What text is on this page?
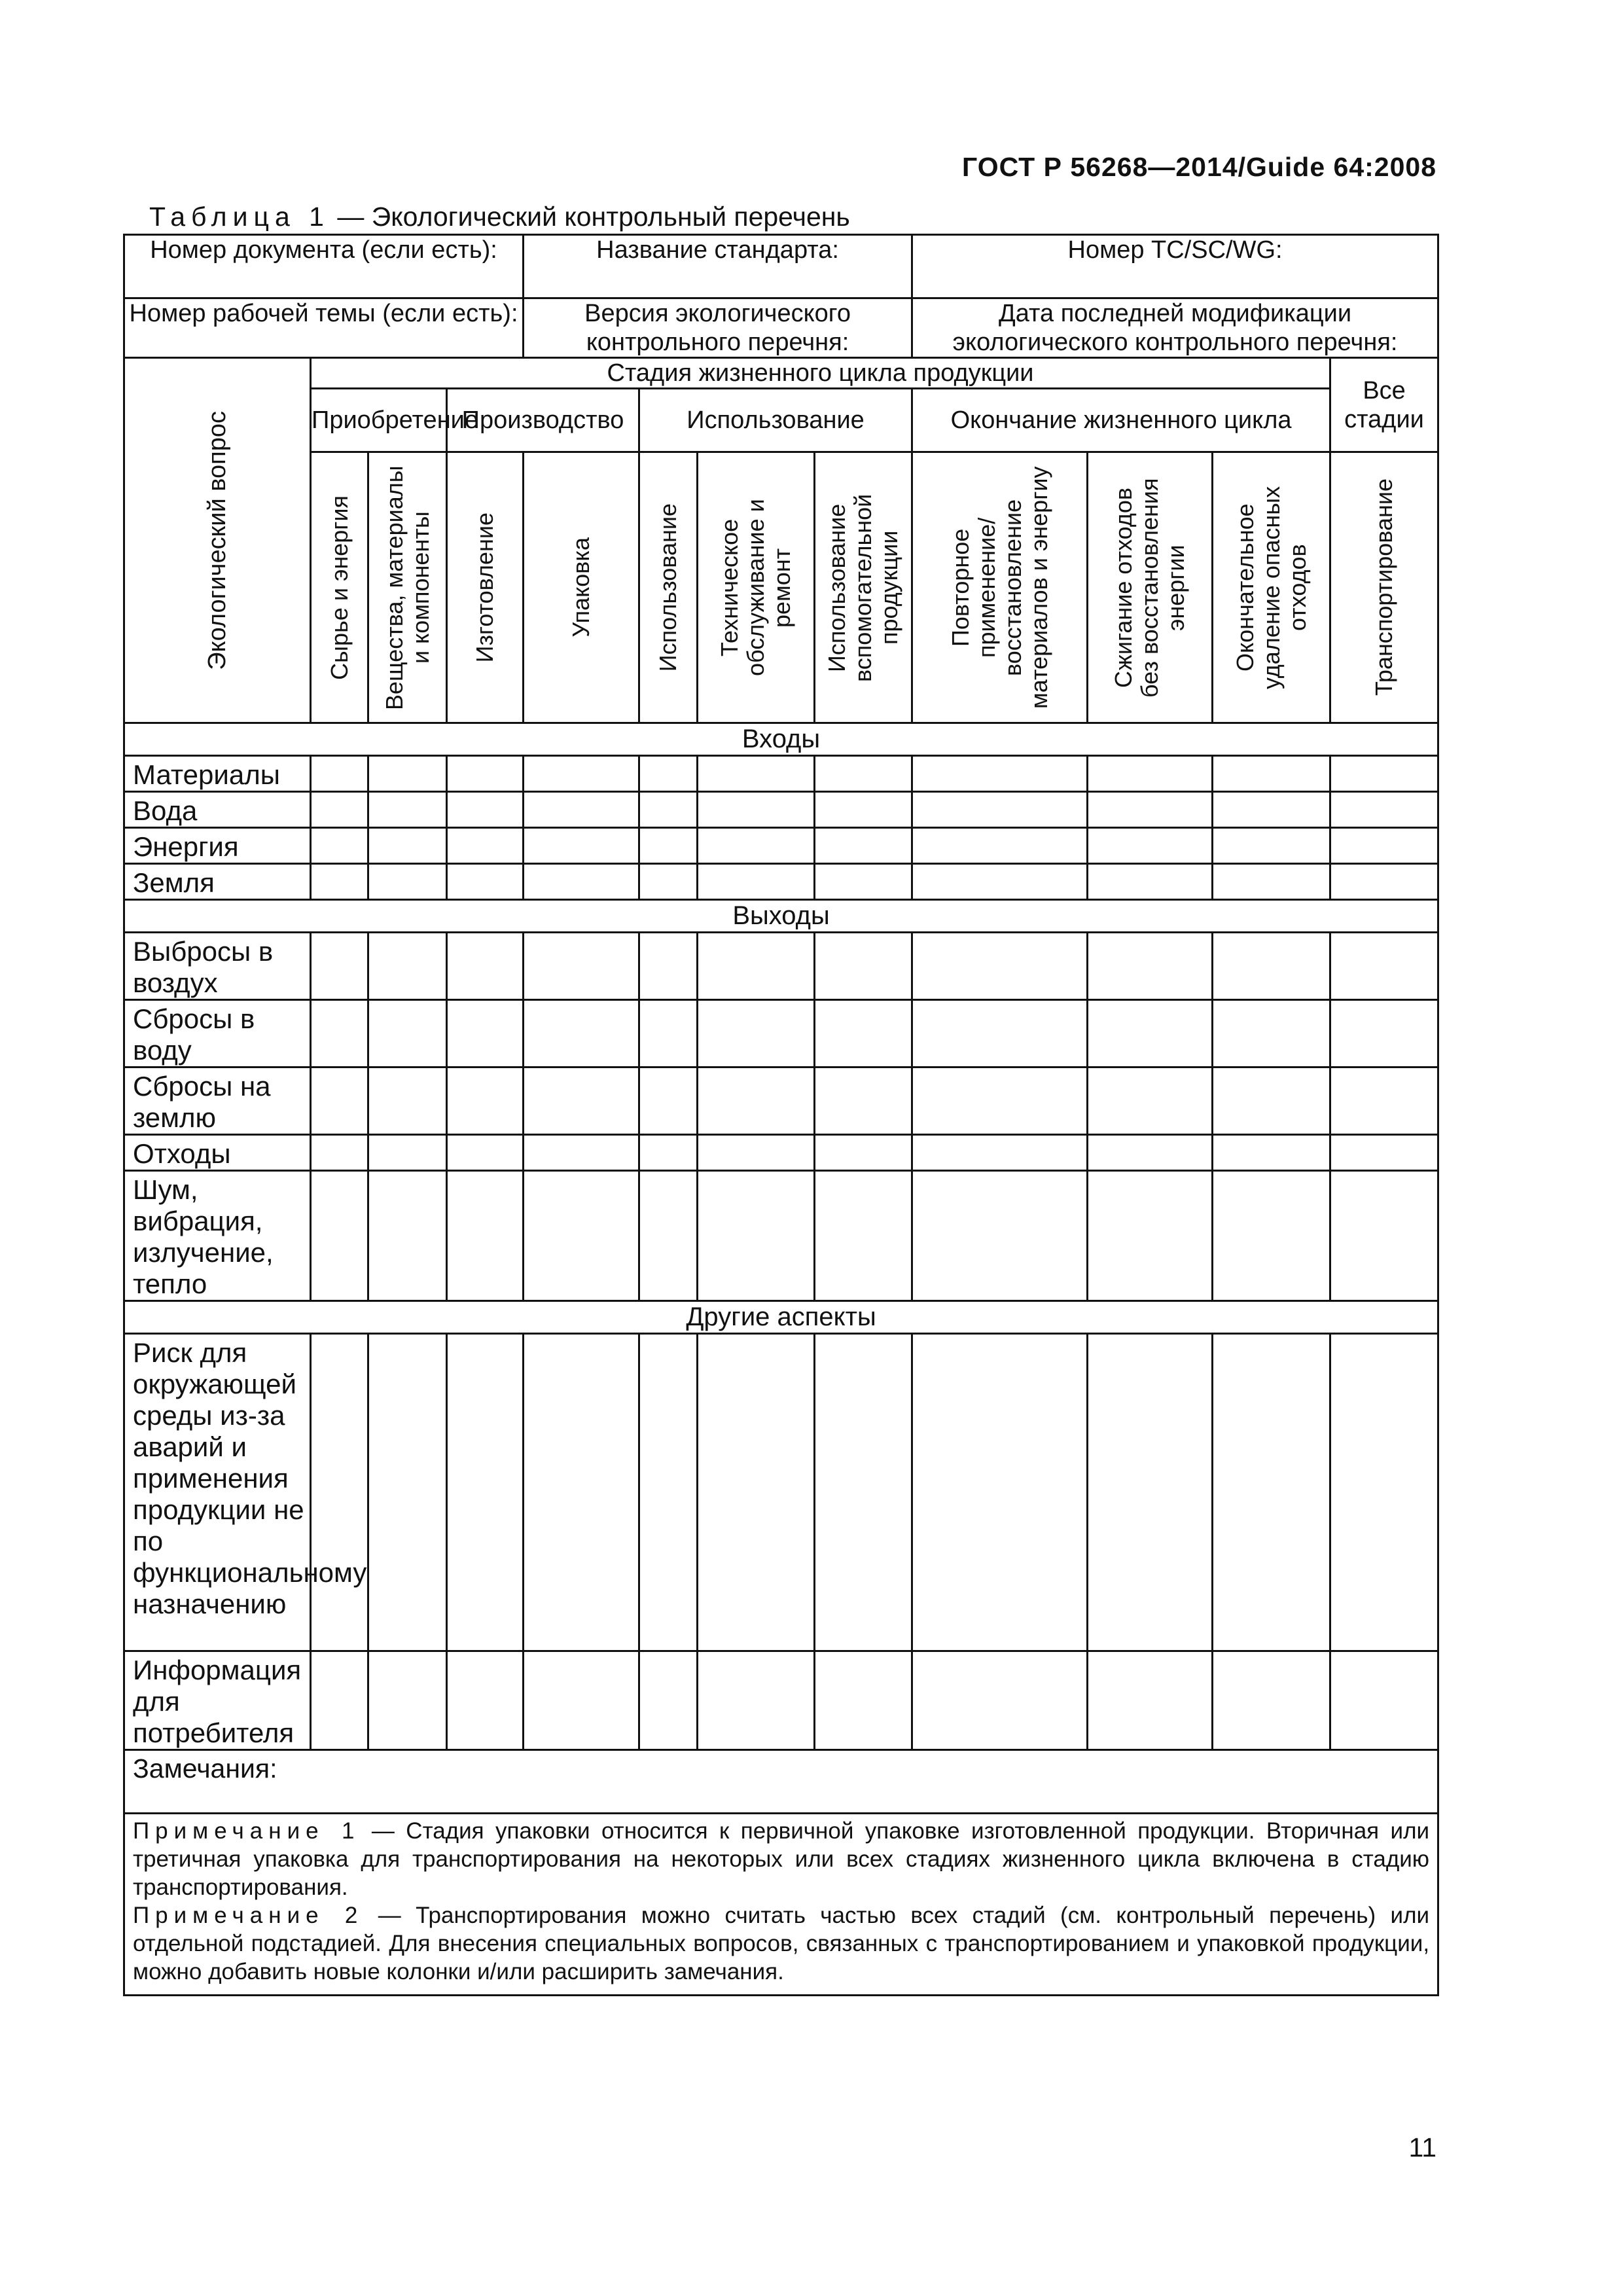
ГОСТ Р 56268—2014/Guide 64:2008
Таблица 1 — Экологический контрольный перечень
Номер документа (если есть):				Название стандарта:				Номер TC/SC/WG:			
Номер рабочей темы (если есть):				Версия экологического контрольного перечня:				Дата последней модификации экологического контрольного перечня:			

Экологический вопрос	Стадия жизненного цикла продукции										Все стадии
	Приобретение		Производство		Использование			Окончание жизненного цикла			

	Сырье и энергия	Вещества, материалы и компоненты	Изготовление	Упаковка	Использование	Техническое обслуживание и ремонт	Использование вспомогательной продукции	Повторное применение/восстановление материалов и энергиу	Сжигание отходов без восстановления энергии	Окончательное удаление опасных отходов	Транспортирование

Входы											
Материалы											
Вода											
Энергия											
Земля											
Выходы											
Выбросы в воздух											
Сбросы в воду											
Сбросы на землю											
Отходы											
Шум, вибрация, излучение, тепло											
Другие аспекты											
Риск для окружающей среды из-за аварий и применения продукции не по функциональному назначению											
Информация для потребителя											
Замечания:											

Примечание 1 — Стадия упаковки относится к первичной упаковке изготовленной продукции. Вторичная или третичная упаковка для транспортирования на некоторых или всех стадиях жизненного цикла включена в стадию транспортирования.

Примечание 2 — Транспортирования можно считать частью всех стадий (см. контрольный перечень) или отдельной подстадией. Для внесения специальных вопросов, связанных с транспортированием и упаковкой продукции, можно добавить новые колонки и/или расширить замечания.											

11
